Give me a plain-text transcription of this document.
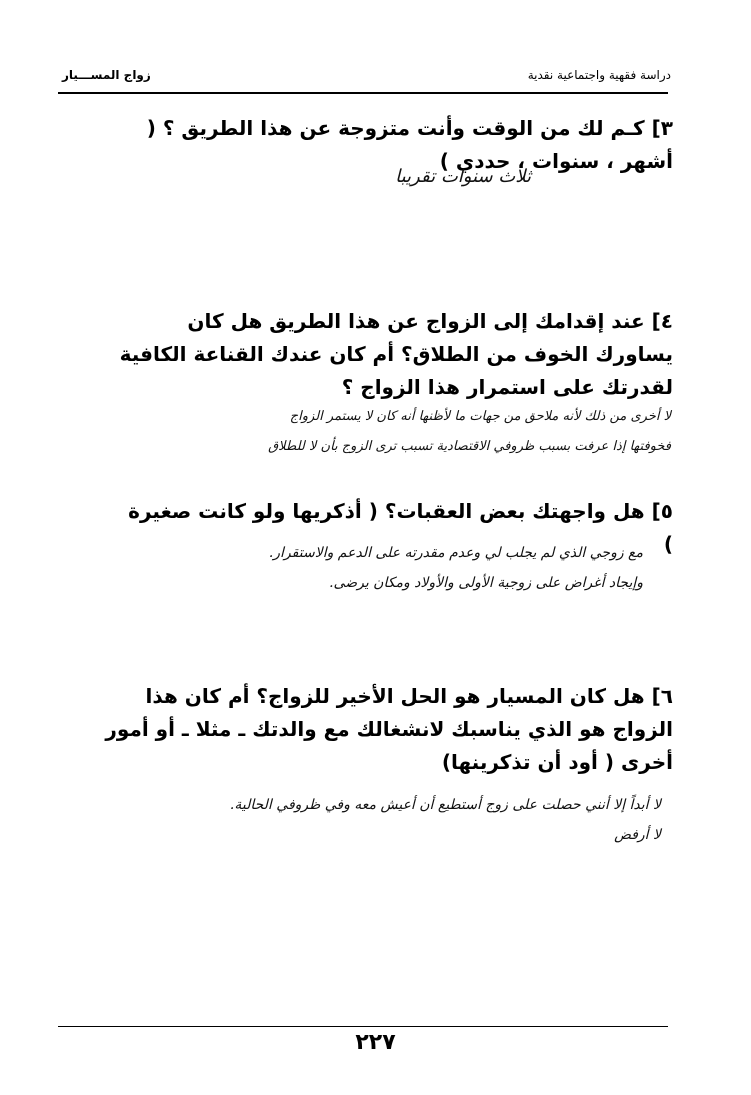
دراسة فقهية واجتماعية نقدية
زواج المســـيار
٣] كـم لك من الوقت وأنت متزوجة عن هذا الطريق ؟ ( أشهر ، سنوات ، حددي )
ثلاث سنوات تقريبا
٤] عند إقدامك إلى الزواج عن هذا الطريق هل كان يساورك الخوف من الطلاق؟ أم كان عندك القناعة الكافية لقدرتك على استمرار هذا الزواج ؟
لا أخرى من ذلك لأنه ملاحق من جهات ما لأظنها أنه كان لا يستمر الزواج
فخوفتها إذا عرفت بسبب ظروفي الاقتصادية تسبب ترى الزوج بأن لا للطلاق
٥] هل واجهتك بعض العقبات؟ ( أذكريها ولو كانت صغيرة )
مع زوجي الذي لم يجلب لي وعدم مقدرته على الدعم والاستقرار.
وإيجاد أغراض على زوجية الأولى والأولاد ومكان يرضى.
٦] هل كان المسيار هو الحل الأخير للزواج؟ أم كان هذا الزواج هو الذي يناسبك لانشغالك مع والدتك ـ مثلا ـ أو أمور أخرى ( أود أن تذكرينها)
لا أبداً إلا أنني حصلت على زوج أستطيع أن أعيش معه وفي ظروفي الحالية.
لا أرفض
٢٢٧
